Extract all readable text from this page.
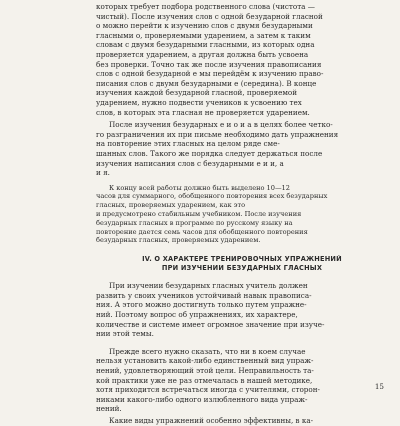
которых требует подбора родственного слова (чистота —
чистый). После изучения слов с одной безударной гласной
о можно перейти к изучению слов с двумя безударными
гласными о, проверяемыми ударением, а затем к таким
словам с двумя безударными гласными, из которых одна
проверяется ударением, а другая должна быть усвоена
без проверки. Точно так же после изучения правописания
слов с одной безударной е мы перейдём к изучению право-
писания слов с двумя безударными е (середина). В конце
изучения каждой безударной гласной, проверяемой
ударением, нужно подвести учеников к усвоению тех
слов, в которых эта гласная не проверяется ударением.
После изучения безударных е и о и а в целях более четко-
го разграничения их при письме необходимо дать упражнения
на повторение этих гласных на целом ряде сме-
шанных слов. Такого же порядка следует держаться после
изучения написания слов с безударными е и и, а
и я.
К концу всей работы должно быть выделено 10—12
часов для суммарного, обобщенного повторения всех безударных
гласных, проверяемых ударением, как это
и предусмотрено стабильным учебником. После изучения
безударных гласных в программе по русскому языку на
повторение дается семь часов для обобщенного повторения
безударных гласных, проверяемых ударением.
IV. О ХАРАКТЕРЕ ТРЕНИРОВОЧНЫХ УПРАЖНЕНИЙ
ПРИ ИЗУЧЕНИИ БЕЗУДАРНЫХ ГЛАСНЫХ
При изучении безударных гласных учитель должен
развить у своих учеников устойчивый навык правописа-
ния. А этого можно достигнуть только путем упражне-
ний. Поэтому вопрос об упражнениях, их характере,
количестве и системе имеет огромное значение при изуче-
нии этой темы.
Прежде всего нужно сказать, что ни в коем случае
нельзя установить какой-либо единственный вид упраж-
нений, удовлетворяющий этой цели. Неправильность та-
кой практики уже не раз отмечалась в нашей методике,
хотя приходится встречаться иногда с учителями, сторон-
никами какого-либо одного излюбленного вида упраж-
нений.
Какие виды упражнений особенно эффективны, в ка-
15
